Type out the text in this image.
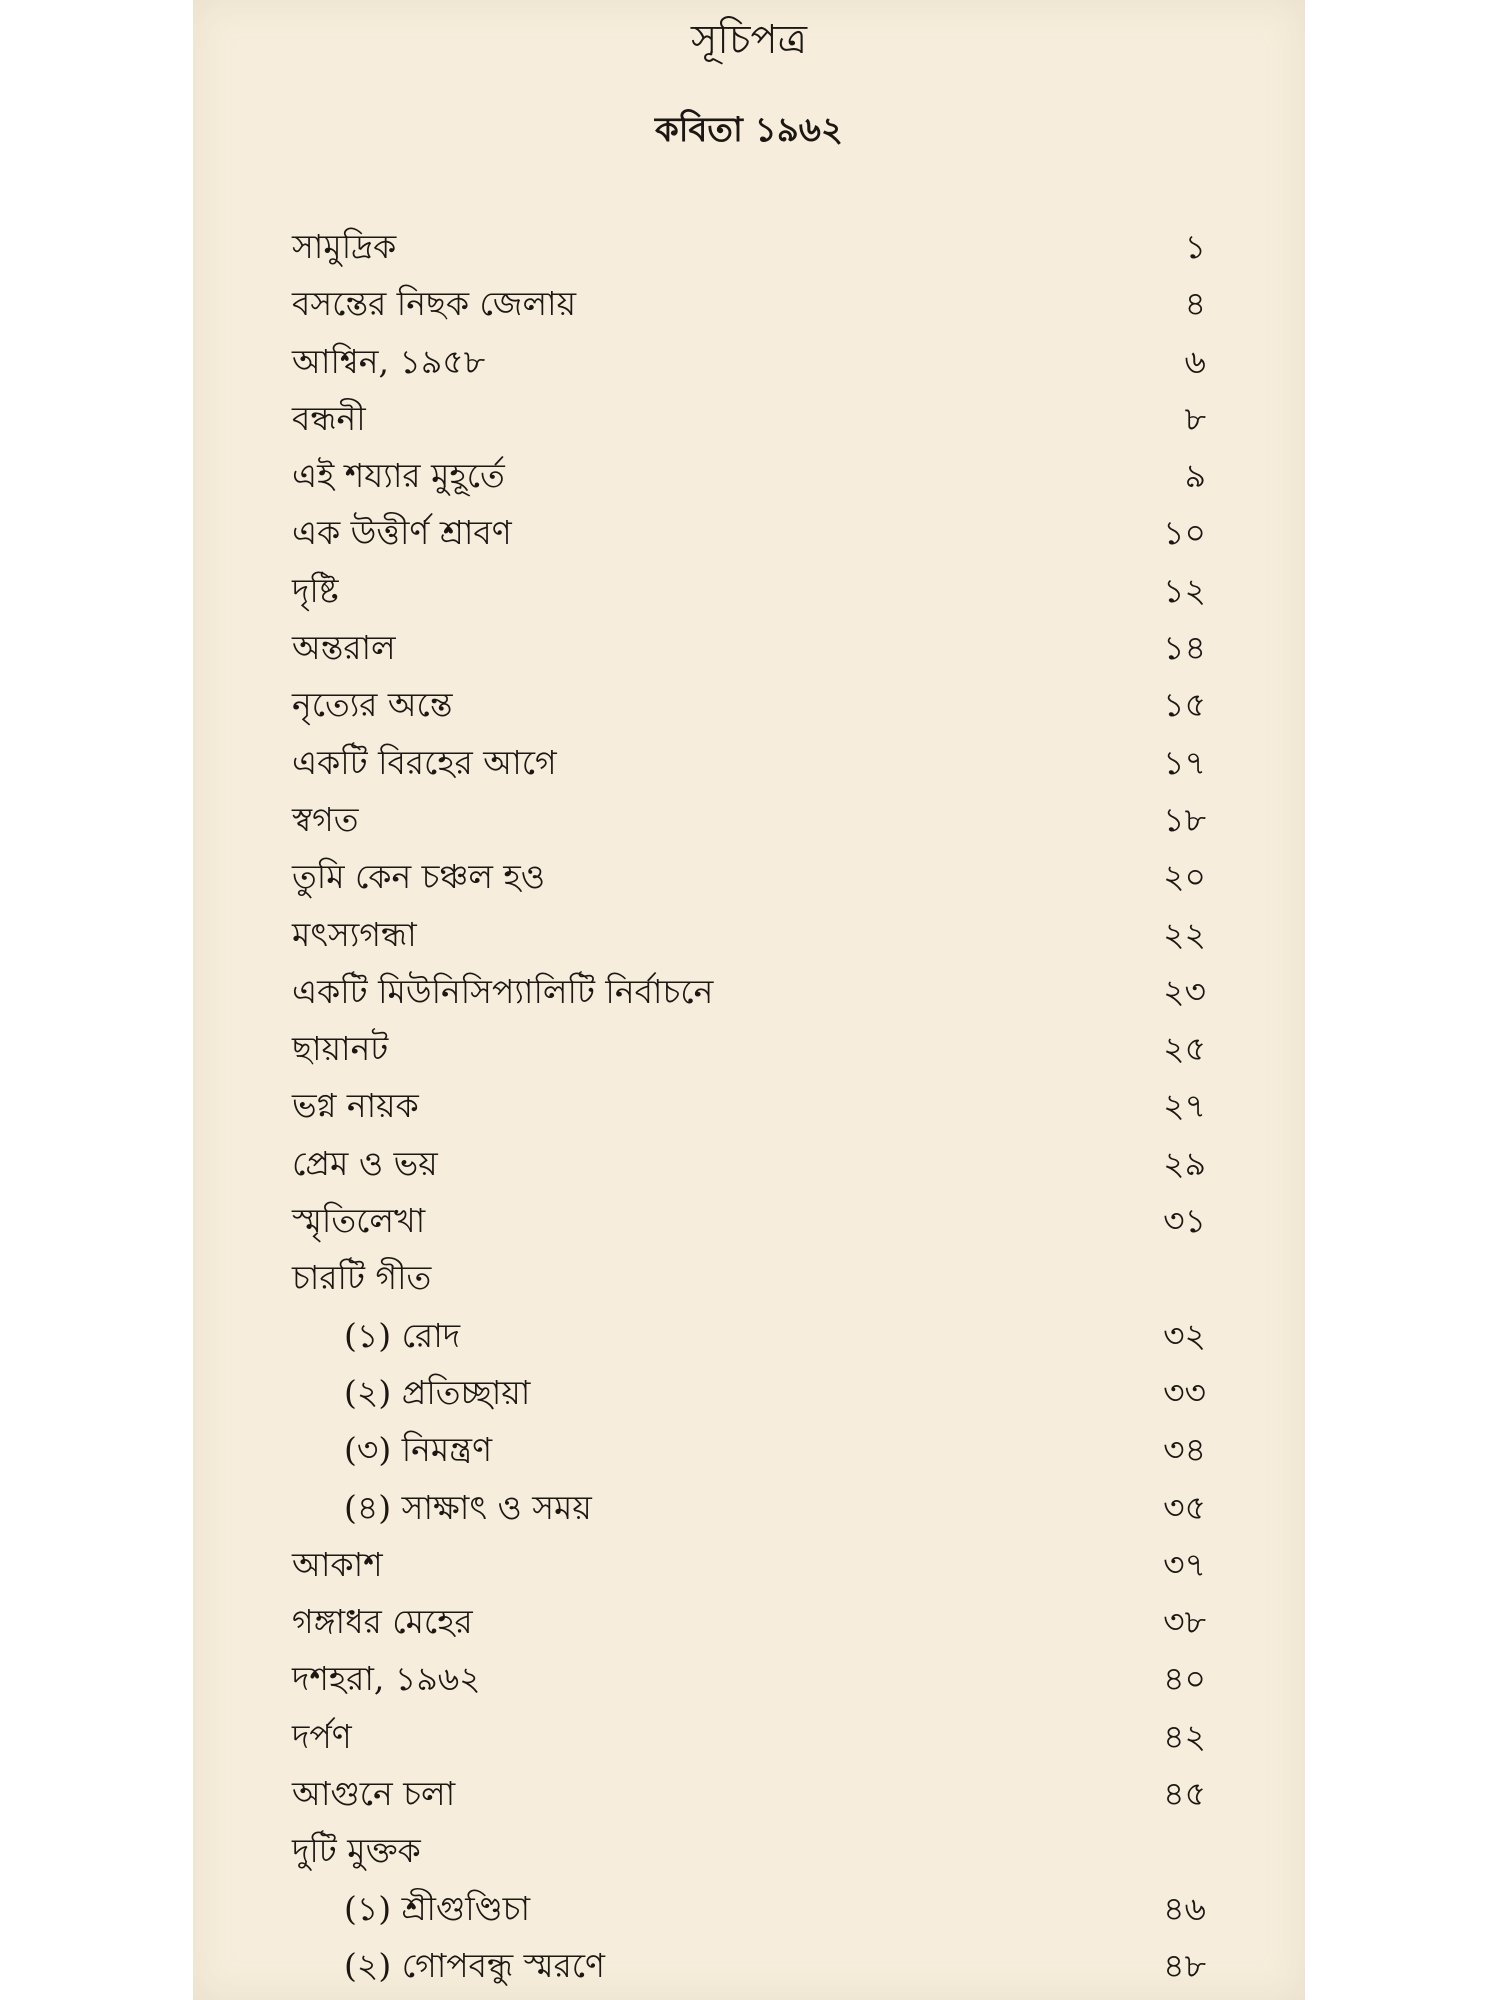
সূচিপত্র
কবিতা ১৯৬২
সামুদ্রিক	১
বসন্তের নিছক জেলায়	৪
আশ্বিন, ১৯৫৮	৬
বন্ধনী	৮
এই শয্যার মুহূর্তে	৯
এক উত্তীর্ণ শ্রাবণ	১০
দৃষ্টি	১২
অন্তরাল	১৪
নৃত্যের অন্তে	১৫
একটি বিরহের আগে	১৭
স্বগত	১৮
তুমি কেন চঞ্চল হও	২০
মৎস্যগন্ধা	২২
একটি মিউনিসিপ্যালিটি নির্বাচনে	২৩
ছায়ানট	২৫
ভগ্ন নায়ক	২৭
প্রেম ও ভয়	২৯
স্মৃতিলেখা	৩১
চারটি গীত
(১) রোদ	৩২
(২) প্রতিচ্ছায়া	৩৩
(৩) নিমন্ত্রণ	৩৪
(৪) সাক্ষাৎ ও সময়	৩৫
আকাশ	৩৭
গঙ্গাধর মেহের	৩৮
দশহরা, ১৯৬২	৪০
দর্পণ	৪২
আগুনে চলা	৪৫
দুটি মুক্তক
(১) শ্রীগুণ্ডিচা	৪৬
(২) গোপবন্ধু স্মরণে	৪৮
